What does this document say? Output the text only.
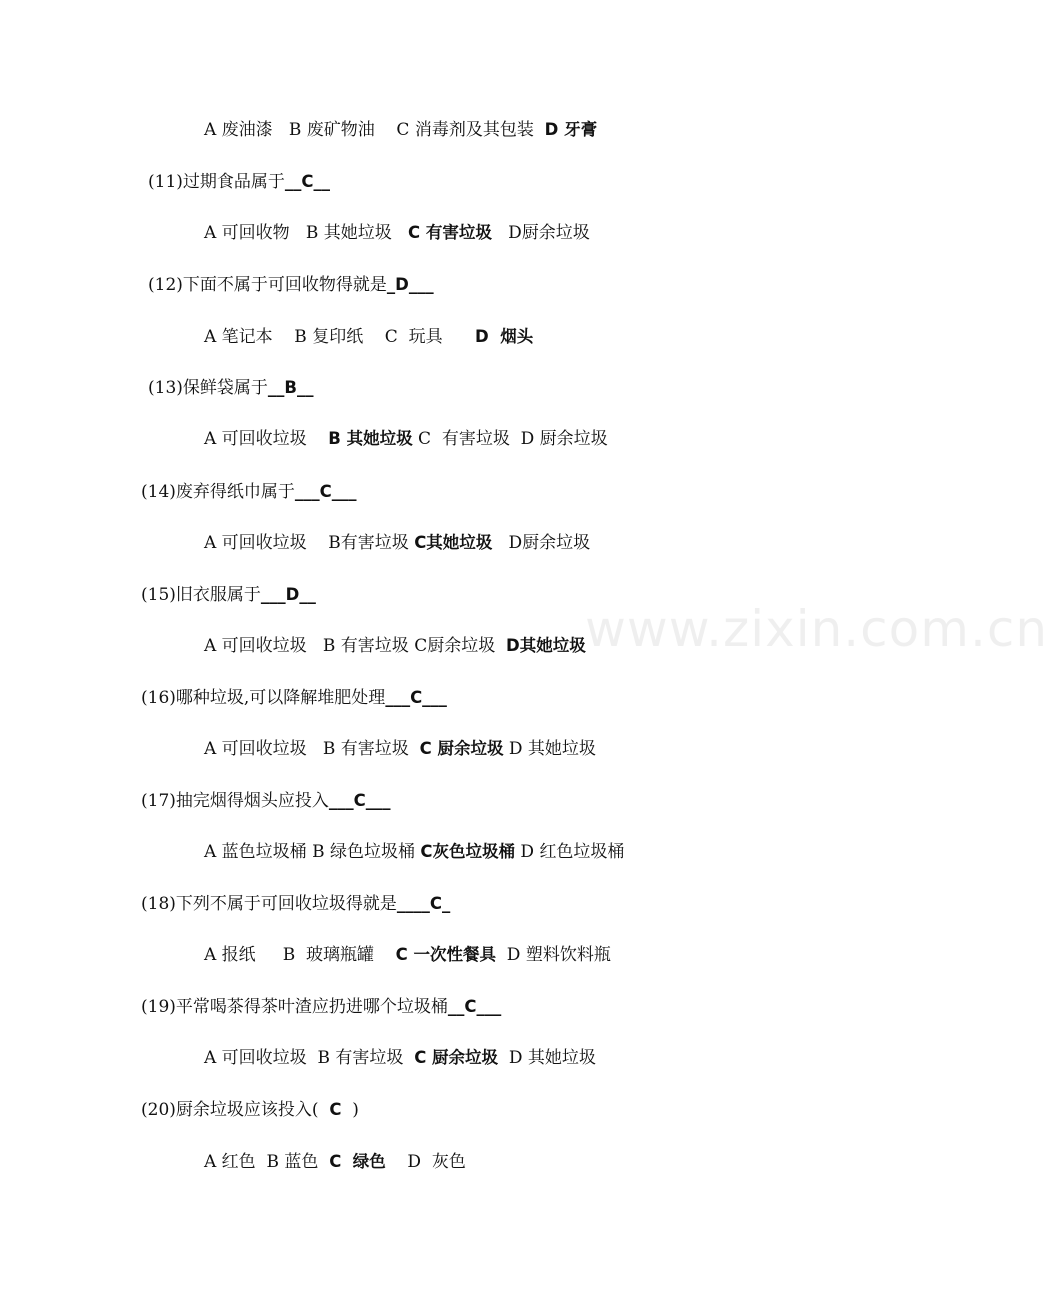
www.zixin.com.cn
A 废油漆   B 废矿物油    C 消毒剂及其包装  D 牙膏
(11)过期食品属于__C__
A 可回收物   B 其她垃圾   C 有害垃圾   D厨余垃圾
(12)下面不属于可回收物得就是_D___
A 笔记本    B 复印纸    C  玩具      D  烟头
(13)保鲜袋属于__B__
A 可回收垃圾    B 其她垃圾 C  有害垃圾  D 厨余垃圾
(14)废弃得纸巾属于___C___
A 可回收垃圾    B有害垃圾 C其她垃圾   D厨余垃圾
(15)旧衣服属于___D__
A 可回收垃圾   B 有害垃圾 C厨余垃圾  D其她垃圾
(16)哪种垃圾,可以降解堆肥处理___C___
A 可回收垃圾   B 有害垃圾  C 厨余垃圾 D 其她垃圾
(17)抽完烟得烟头应投入___C___
A 蓝色垃圾桶 B 绿色垃圾桶 C灰色垃圾桶 D 红色垃圾桶
(18)下列不属于可回收垃圾得就是____C_
A 报纸     B  玻璃瓶罐    C 一次性餐具  D 塑料饮料瓶
(19)平常喝茶得茶叶渣应扔进哪个垃圾桶__C___
A 可回收垃圾  B 有害垃圾  C 厨余垃圾  D 其她垃圾
(20)厨余垃圾应该投入(  C  )
A 红色  B 蓝色  C  绿色    D  灰色
